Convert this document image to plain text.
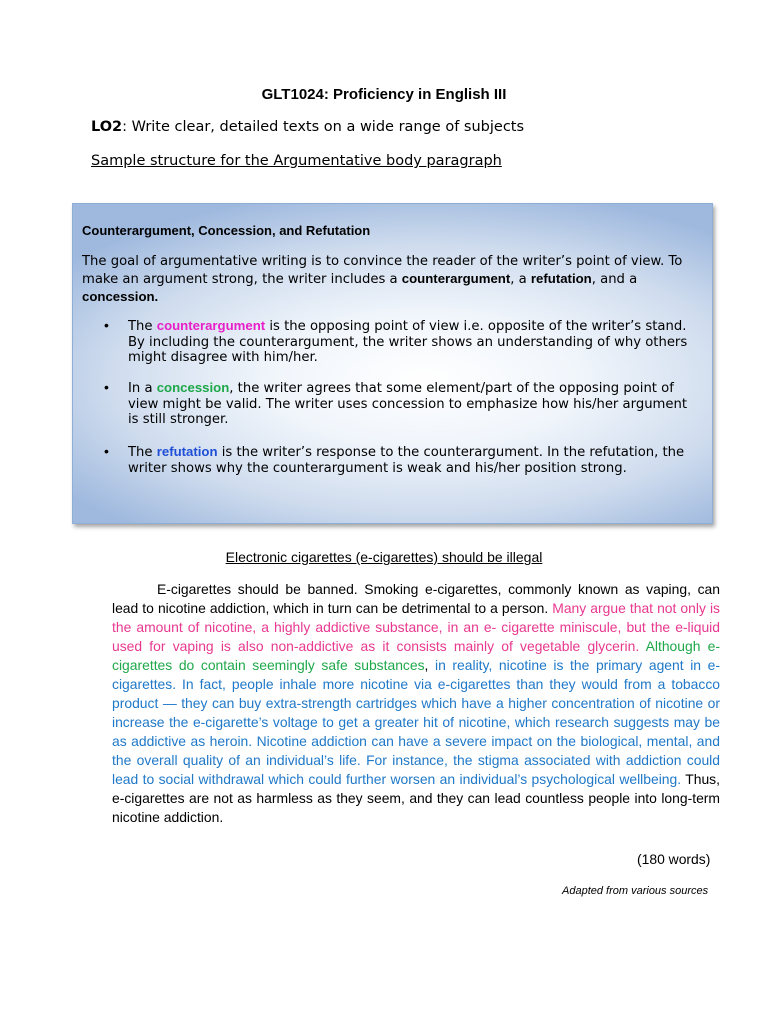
GLT1024: Proficiency in English III
LO2: Write clear, detailed texts on a wide range of subjects
Sample structure for the Argumentative body paragraph
Counterargument, Concession, and Refutation
The goal of argumentative writing is to convince the reader of the writer’s point of view. To make an argument strong, the writer includes a counterargument, a refutation, and a concession.
• The counterargument is the opposing point of view i.e. opposite of the writer’s stand. By including the counterargument, the writer shows an understanding of why others might disagree with him/her.
• In a concession, the writer agrees that some element/part of the opposing point of view might be valid. The writer uses concession to emphasize how his/her argument is still stronger.
• The refutation is the writer’s response to the counterargument. In the refutation, the writer shows why the counterargument is weak and his/her position strong.
Electronic cigarettes (e-cigarettes) should be illegal

E-cigarettes should be banned. Smoking e-cigarettes, commonly known as vaping, can lead to nicotine addiction, which in turn can be detrimental to a person. Many argue that not only is the amount of nicotine, a highly addictive substance, in an e- cigarette miniscule, but the e-liquid used for vaping is also non-addictive as it consists mainly of vegetable glycerin. Although e-cigarettes do contain seemingly safe substances, in reality, nicotine is the primary agent in e-cigarettes. In fact, people inhale more nicotine via e-cigarettes than they would from a tobacco product — they can buy extra-strength cartridges which have a higher concentration of nicotine or increase the e-cigarette’s voltage to get a greater hit of nicotine, which research suggests may be as addictive as heroin. Nicotine addiction can have a severe impact on the biological, mental, and the overall quality of an individual’s life. For instance, the stigma associated with addiction could lead to social withdrawal which could further worsen an individual’s psychological wellbeing. Thus, e-cigarettes are not as harmless as they seem, and they can lead countless people into long-term nicotine addiction.

(180 words)
Adapted from various sources
